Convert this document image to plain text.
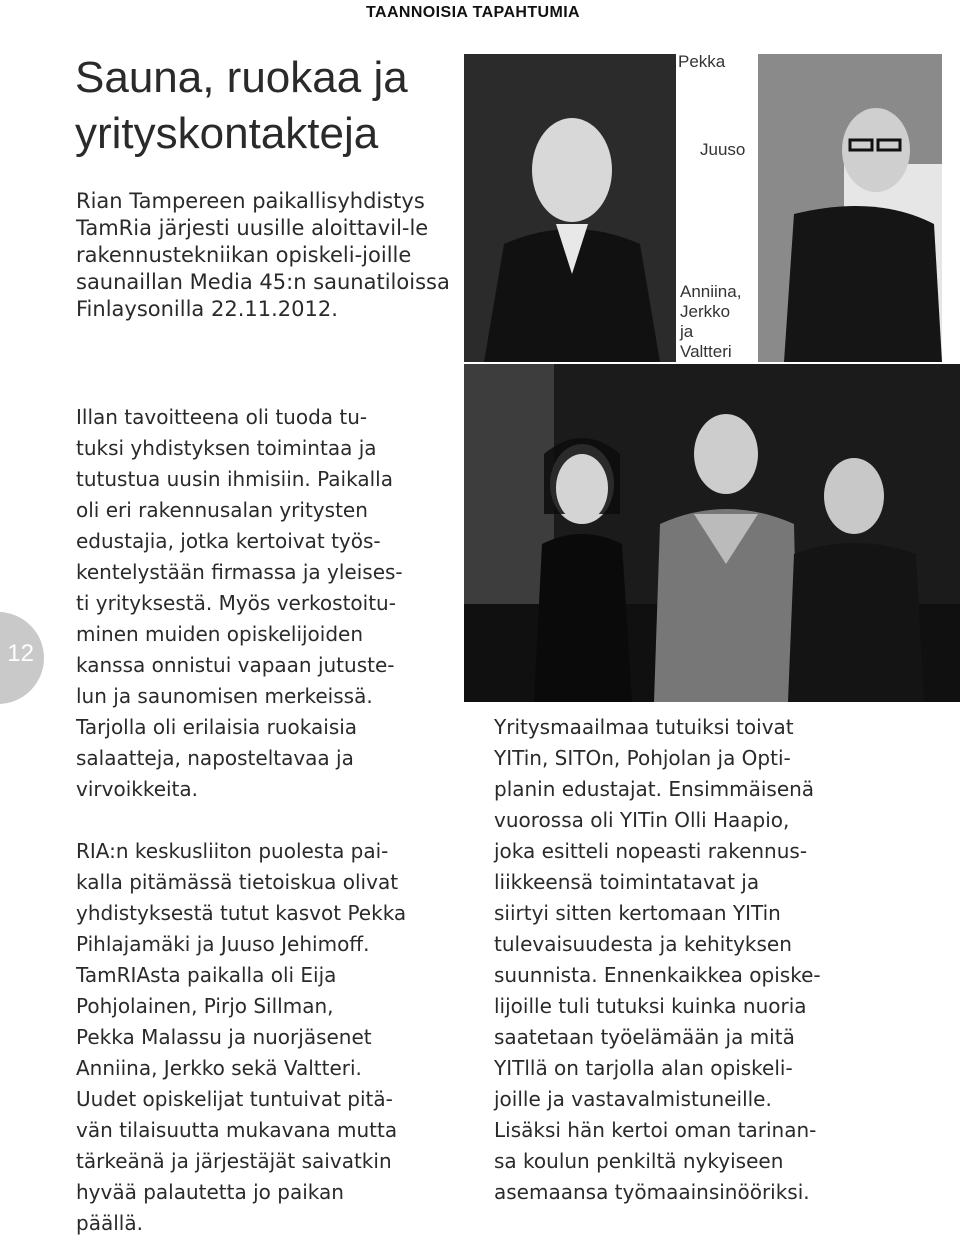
TAANNOISIA TAPAHTUMIA
Sauna, ruokaa ja yrityskontakteja
Rian Tampereen paikallisyhdistys TamRia järjesti uusille aloittavil-le rakennustekniikan opiskeli-joille saunaillan Media 45:n saunatiloissa Finlaysonilla 22.11.2012.

Illan tavoitteena oli tuoda tu-

tuksi yhdistyksen toimintaa ja

tutustua uusin ihmisiin. Paikalla

oli eri rakennusalan yritysten

edustajia, jotka kertoivat työs-

kentelystään firmassa ja yleises-

ti yrityksestä. Myös verkostoitu-

minen muiden opiskelijoiden

kanssa onnistui vapaan jutuste-

lun ja saunomisen merkeissä.

Tarjolla oli erilaisia ruokaisia

salaatteja, naposteltavaa ja

virvoikkeita.

RIA:n keskusliiton puolesta pai-

kalla pitämässä tietoiskua olivat

yhdistyksestä tutut kasvot Pekka

Pihlajamäki ja Juuso Jehimoff.

TamRIAsta paikalla oli Eija

Pohjolainen, Pirjo Sillman,

Pekka Malassu ja nuorjäsenet

Anniina, Jerkko sekä Valtteri.

Uudet opiskelijat tuntuivat pitä-

vän tilaisuutta mukavana mutta

tärkeänä ja järjestäjät saivatkin

hyvää palautetta jo paikan

päällä.

Yritysmaailmaa tutuiksi toivat

YITin, SITOn, Pohjolan ja Opti-

planin edustajat. Ensimmäisenä

vuorossa oli YITin Olli Haapio,

joka esitteli nopeasti rakennus-

liikkeensä toimintatavat ja

siirtyi sitten kertomaan YITin

tulevaisuudesta ja kehityksen

suunnista. Ennenkaikkea opiske-

lijoille tuli tutuksi kuinka nuoria

saatetaan työelämään ja mitä

YITllä on tarjolla alan opiskeli-

joille ja vastavalmistuneille.

Lisäksi hän kertoi oman tarinan-

sa koulun penkiltä nykyiseen

asemaansa työmaainsinööriksi.

12
Pekka
Juuso
Anniina,
Jerkko
ja
Valtteri
